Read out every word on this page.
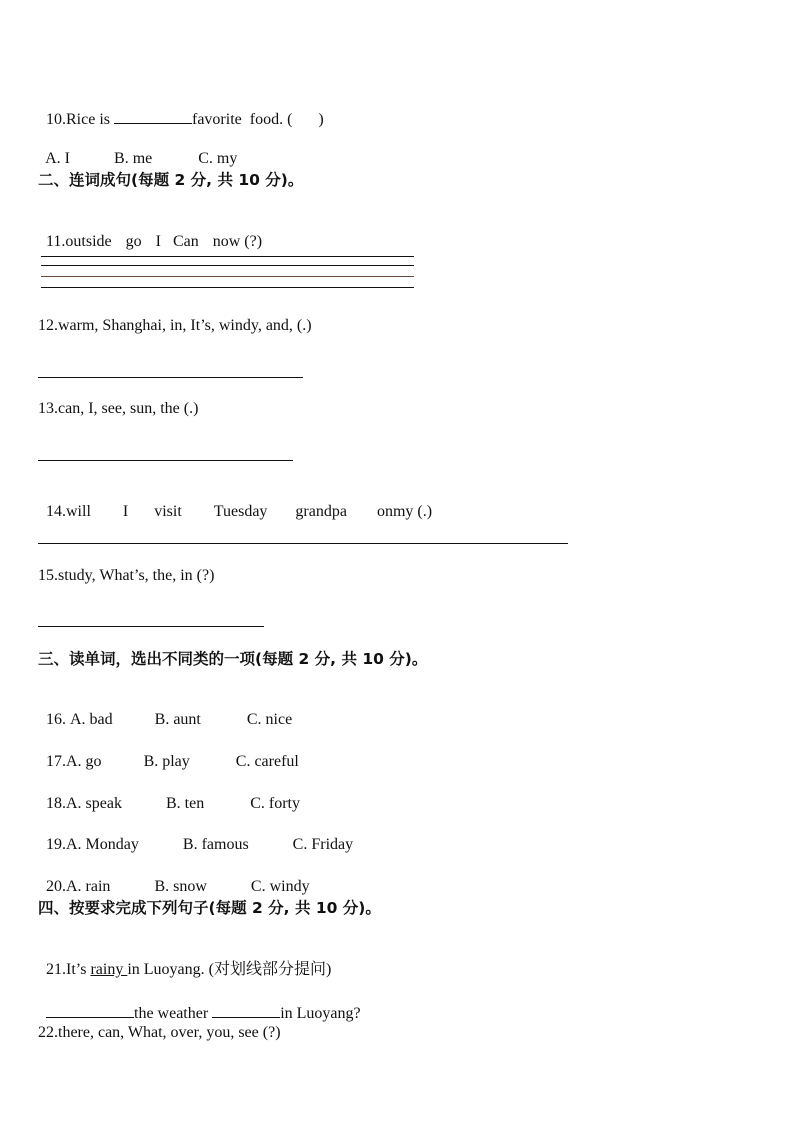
10.Rice is	favorite  food. ( )

A. I	B. me	C. my

二、连词成句(每题 2 分, 共 10 分)。

11.outside go I Can now (?)

12.warm, Shanghai, in, It’s, windy, and, (.)
13.can, I, see, sun, the (.)

14.will I visit Tuesday grandpa onmy (.)

15.study, What’s, the, in (?)
三、读单词，选出不同类的一项(每题 2 分, 共 10 分)。

16. A. bad	B. aunt	C. nice

17.A. go	B. play	C. careful

18.A. speak	B. ten	C. forty

19.A. Monday	B. famous	C. Friday

20.A. rain	B. snow	C. windy

四、按要求完成下列句子(每题 2 分, 共 10 分)。

21.It’s rainy in Luoyang. (对划线部分提问)

the weather	in Luoyang?

22.there, can, What, over, you, see (?)
